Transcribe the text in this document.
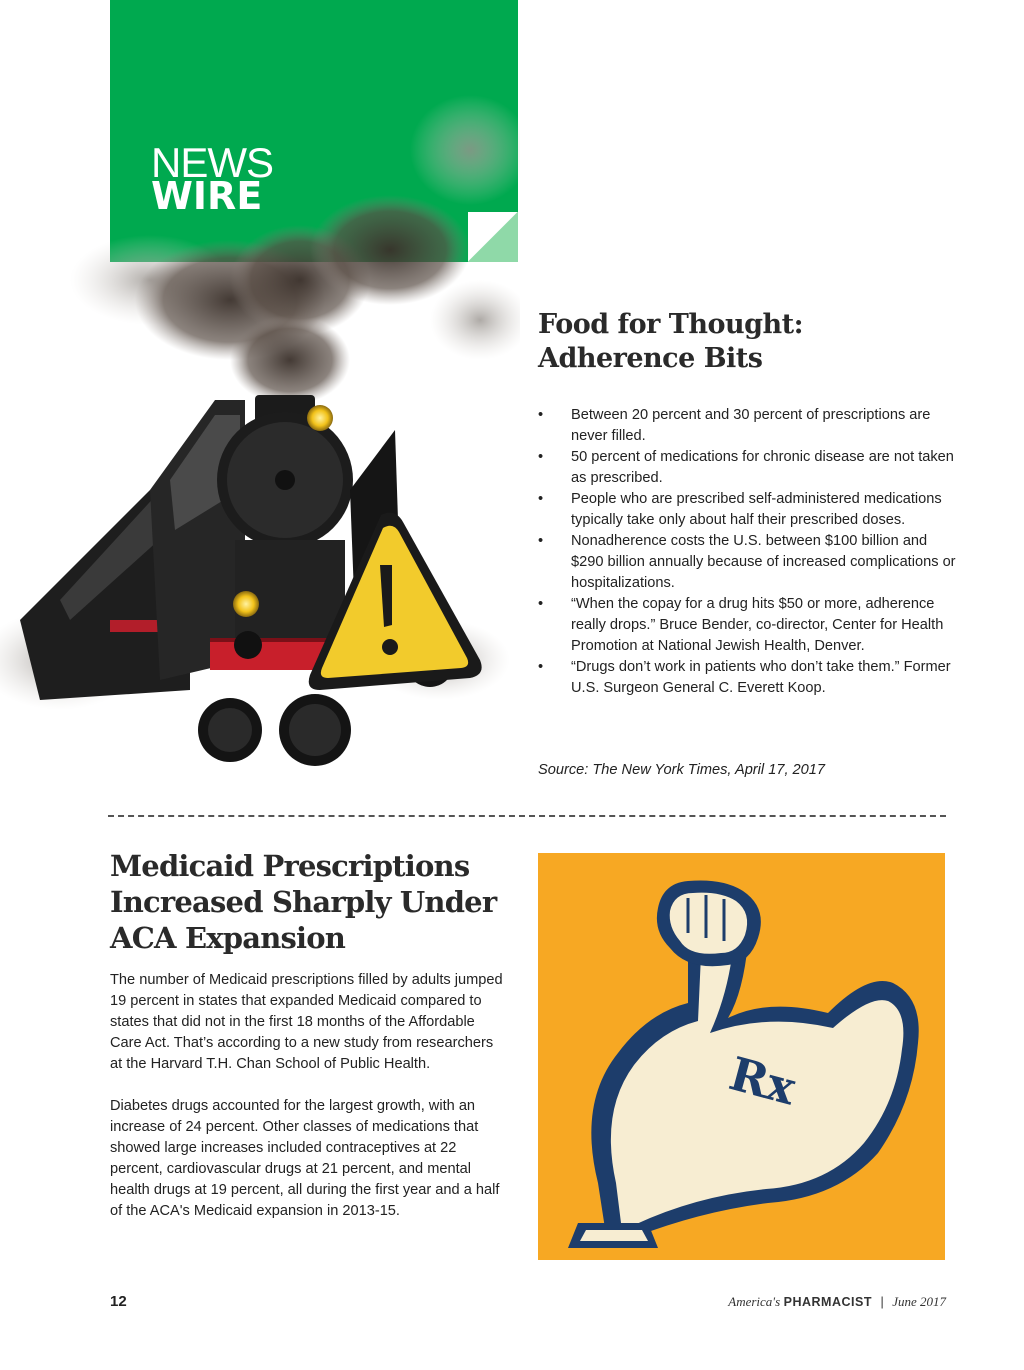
NEWS
WIRE
Food for Thought:
Adherence Bits
• Between 20 percent and 30 percent of prescriptions are never filled.
• 50 percent of medications for chronic disease are not taken as prescribed.
• People who are prescribed self-administered medications typically take only about half their prescribed doses.
• Nonadherence costs the U.S. between $100 billion and $290 billion annually because of increased complications or hospitalizations.
• “When the copay for a drug hits $50 or more, adherence really drops.” Bruce Bender, co-director, Center for Health Promotion at National Jewish Health, Denver.
• “Drugs don’t work in patients who don’t take them.” Former U.S. Surgeon General C. Everett Koop.
Source: The New York Times, April 17, 2017
Medicaid Prescriptions
Increased Sharply Under
ACA Expansion

The number of Medicaid prescriptions filled by adults jumped 19 percent in states that expanded Medicaid compared to states that did not in the first 18 months of the Affordable Care Act. That’s according to a new study from researchers at the Harvard T.H. Chan School of Public Health.

Diabetes drugs accounted for the largest growth, with an increase of 24 percent. Other classes of medications that showed large increases included contraceptives at 22 percent, cardiovascular drugs at 21 percent, and mental health drugs at 19 percent, all during the first year and a half of the ACA's Medicaid expansion in 2013-15.

Rx
12	America's PHARMACIST | June 2017
